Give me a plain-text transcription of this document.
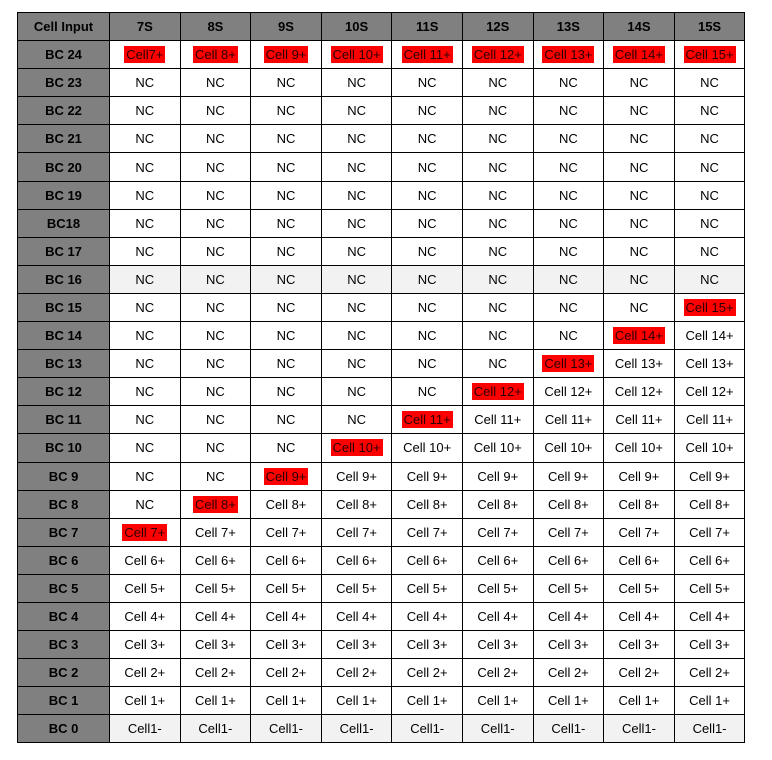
Cell Input	7S	8S	9S	10S	11S	12S	13S	14S	15S
BC 24	Cell7+	Cell 8+	Cell 9+	Cell 10+	Cell 11+	Cell 12+	Cell 13+	Cell 14+	Cell 15+
BC 23	NC	NC	NC	NC	NC	NC	NC	NC	NC
BC 22	NC	NC	NC	NC	NC	NC	NC	NC	NC
BC 21	NC	NC	NC	NC	NC	NC	NC	NC	NC
BC 20	NC	NC	NC	NC	NC	NC	NC	NC	NC
BC 19	NC	NC	NC	NC	NC	NC	NC	NC	NC
BC18	NC	NC	NC	NC	NC	NC	NC	NC	NC
BC 17	NC	NC	NC	NC	NC	NC	NC	NC	NC
BC 16	NC	NC	NC	NC	NC	NC	NC	NC	NC
BC 15	NC	NC	NC	NC	NC	NC	NC	NC	Cell 15+
BC 14	NC	NC	NC	NC	NC	NC	NC	Cell 14+	Cell 14+
BC 13	NC	NC	NC	NC	NC	NC	Cell 13+	Cell 13+	Cell 13+
BC 12	NC	NC	NC	NC	NC	Cell 12+	Cell 12+	Cell 12+	Cell 12+
BC 11	NC	NC	NC	NC	Cell 11+	Cell 11+	Cell 11+	Cell 11+	Cell 11+
BC 10	NC	NC	NC	Cell 10+	Cell 10+	Cell 10+	Cell 10+	Cell 10+	Cell 10+
BC 9	NC	NC	Cell 9+	Cell 9+	Cell 9+	Cell 9+	Cell 9+	Cell 9+	Cell 9+
BC 8	NC	Cell 8+	Cell 8+	Cell 8+	Cell 8+	Cell 8+	Cell 8+	Cell 8+	Cell 8+
BC 7	Cell 7+	Cell 7+	Cell 7+	Cell 7+	Cell 7+	Cell 7+	Cell 7+	Cell 7+	Cell 7+
BC 6	Cell 6+	Cell 6+	Cell 6+	Cell 6+	Cell 6+	Cell 6+	Cell 6+	Cell 6+	Cell 6+
BC 5	Cell 5+	Cell 5+	Cell 5+	Cell 5+	Cell 5+	Cell 5+	Cell 5+	Cell 5+	Cell 5+
BC 4	Cell 4+	Cell 4+	Cell 4+	Cell 4+	Cell 4+	Cell 4+	Cell 4+	Cell 4+	Cell 4+
BC 3	Cell 3+	Cell 3+	Cell 3+	Cell 3+	Cell 3+	Cell 3+	Cell 3+	Cell 3+	Cell 3+
BC 2	Cell 2+	Cell 2+	Cell 2+	Cell 2+	Cell 2+	Cell 2+	Cell 2+	Cell 2+	Cell 2+
BC 1	Cell 1+	Cell 1+	Cell 1+	Cell 1+	Cell 1+	Cell 1+	Cell 1+	Cell 1+	Cell 1+
BC 0	Cell1-	Cell1-	Cell1-	Cell1-	Cell1-	Cell1-	Cell1-	Cell1-	Cell1-
